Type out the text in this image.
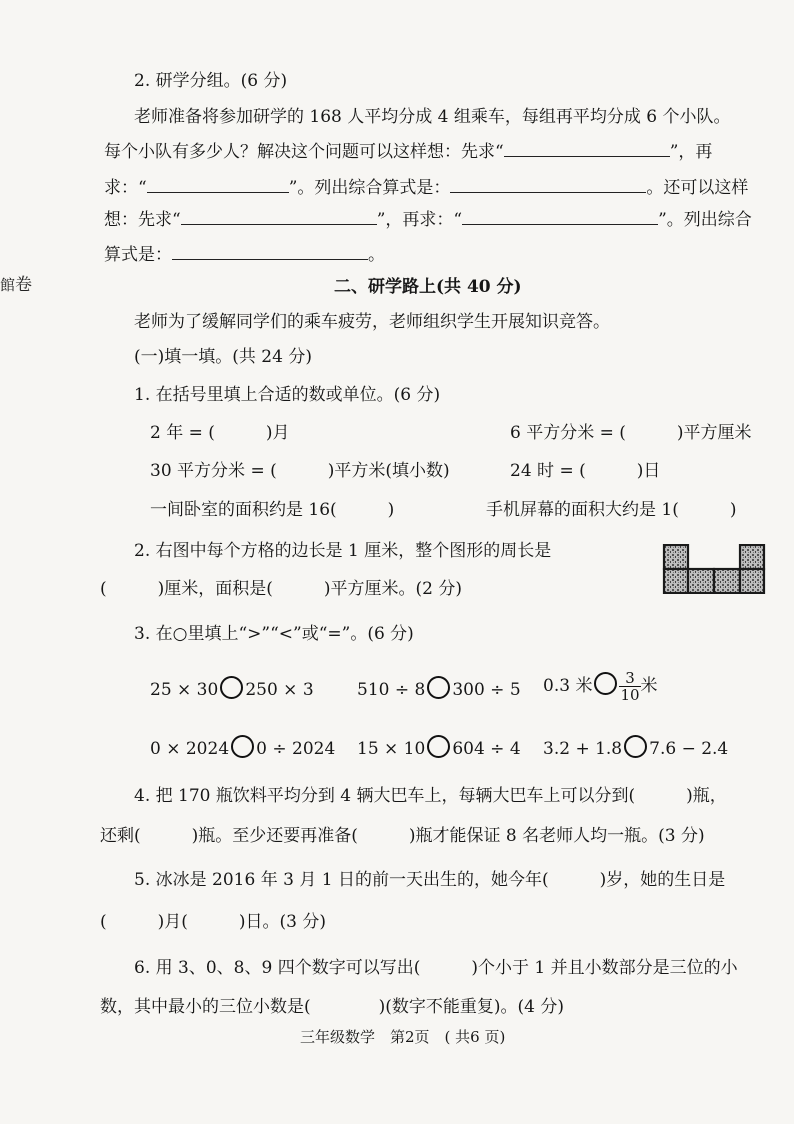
館卷
2. 研学分组。(6 分)
老师准备将参加研学的 168 人平均分成 4 组乘车，每组再平均分成 6 个小队。
每个小队有多少人？解决这个问题可以这样想：先求“	”，再
求：“	”。列出综合算式是：	。还可以这样
想：先求“	”，再求：“	”。列出综合
算式是：	。
二、研学路上(共 40 分)
老师为了缓解同学们的乘车疲劳，老师组织学生开展知识竞答。
(一)填一填。(共 24 分)
1. 在括号里填上合适的数或单位。(6 分)
2 年 = (　　　)月	6 平方分米 = (　　　)平方厘米
30 平方分米 = (　　　)平方米(填小数)	24 时 = (　　　)日
一间卧室的面积约是 16(　　　)	手机屏幕的面积大约是 1(　　　)
2. 右图中每个方格的边长是 1 厘米，整个图形的周长是
(　　　)厘米，面积是(　　　)平方厘米。(2 分)
3. 在○里填上“>”“<”或“=”。(6 分)
25 × 30 250 × 3	510 ÷ 8 300 ÷ 5 0.3 米 $\frac{3}{10}$ 米
0 × 2024 0 ÷ 2024 15 × 10 604 ÷ 4 3.2 + 1.8 7.6 − 2.4
4. 把 170 瓶饮料平均分到 4 辆大巴车上，每辆大巴车上可以分到(　　　)瓶，
还剩(　　　)瓶。至少还要再准备(　　　)瓶才能保证 8 名老师人均一瓶。(3 分)
5. 冰冰是 2016 年 3 月 1 日的前一天出生的，她今年(　　　)岁，她的生日是
(　　　)月(　　　)日。(3 分)
6. 用 3、0、8、9 四个数字可以写出(　　　)个小于 1 并且小数部分是三位的小
数，其中最小的三位小数是(　　　　)(数字不能重复)。(4 分)
三年级数学　第2页　( 共6 页)
